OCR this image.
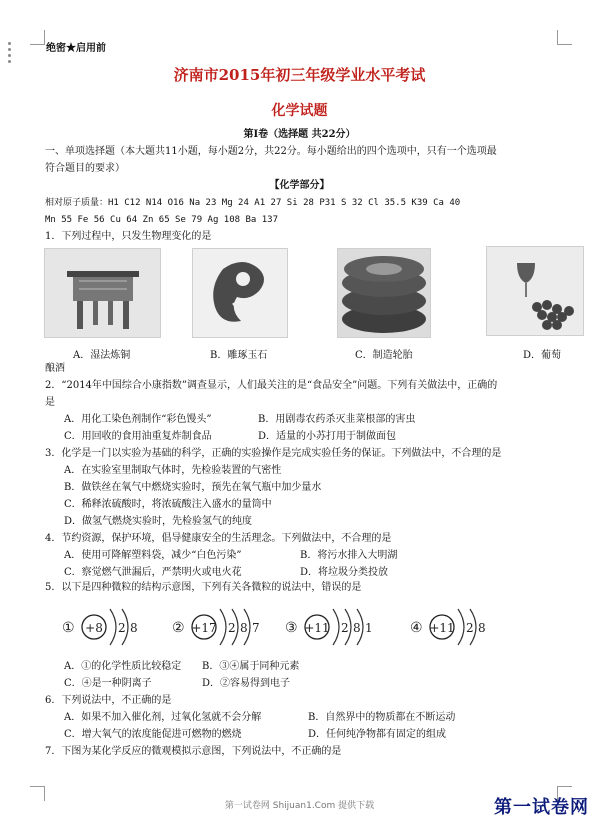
绝密★启用前
济南市2015年初三年级学业水平考试
化学试题
第Ⅰ卷（选择题 共22分）
一、单项选择题（本大题共11小题，每小题2分，共22分。每小题给出的四个选项中，只有一个选项最
符合题目的要求）
【化学部分】
相对原子质量：H1 C12 N14 O16 Na 23 Mg 24 A1 27 Si 28 P31 S 32 Cl 35.5 K39 Ca 40
Mn 55 Fe 56 Cu 64 Zn 65 Se 79 Ag 108 Ba 137
1．下列过程中，只发生物理变化的是
A．湿法炼铜	B．雕琢玉石	C．制造轮胎	D．葡萄
酿酒
2．“2014年中国综合小康指数”调查显示，人们最关注的是“食品安全”问题。下列有关做法中，正确的
是
A．用化工染色剂制作“彩色馒头”	B．用剧毒农药杀灭韭菜根部的害虫
C．用回收的食用油重复炸制食品	D．适量的小苏打用于制做面包
3．化学是一门以实验为基础的科学，正确的实验操作是完成实验任务的保证。下列做法中，不合理的是
A．在实验室里制取气体时，先检验装置的气密性
B．做铁丝在氧气中燃烧实验时，预先在氧气瓶中加少量水
C．稀释浓硫酸时，将浓硫酸注入盛水的量筒中
D．做氢气燃烧实验时，先检验氢气的纯度
4．节约资源，保护环境，倡导健康安全的生活理念。下列做法中，不合理的是
A．使用可降解塑料袋，减少“白色污染”	B．将污水排入大明湖
C．察觉燃气泄漏后，严禁明火或电火花	D．将垃圾分类投放
5．以下是四种微粒的结构示意图，下列有关各微粒的说法中，错误的是
① +8 2 8 ② +17 2 8 7 ③ +11 2 8 1	④ +11 2 8
A．①的化学性质比较稳定 B．③④属于同种元素
C．④是一种阴离子	D．②容易得到电子
6．下列说法中，不正确的是
A．如果不加入催化剂，过氧化氢就不会分解	B．自然界中的物质都在不断运动
C．增大氧气的浓度能促进可燃物的燃烧	D．任何纯净物都有固定的组成
7．下图为某化学反应的微观模拟示意图，下列说法中，不正确的是
第一试卷网 Shijuan1.Com 提供下载	第一试卷网
